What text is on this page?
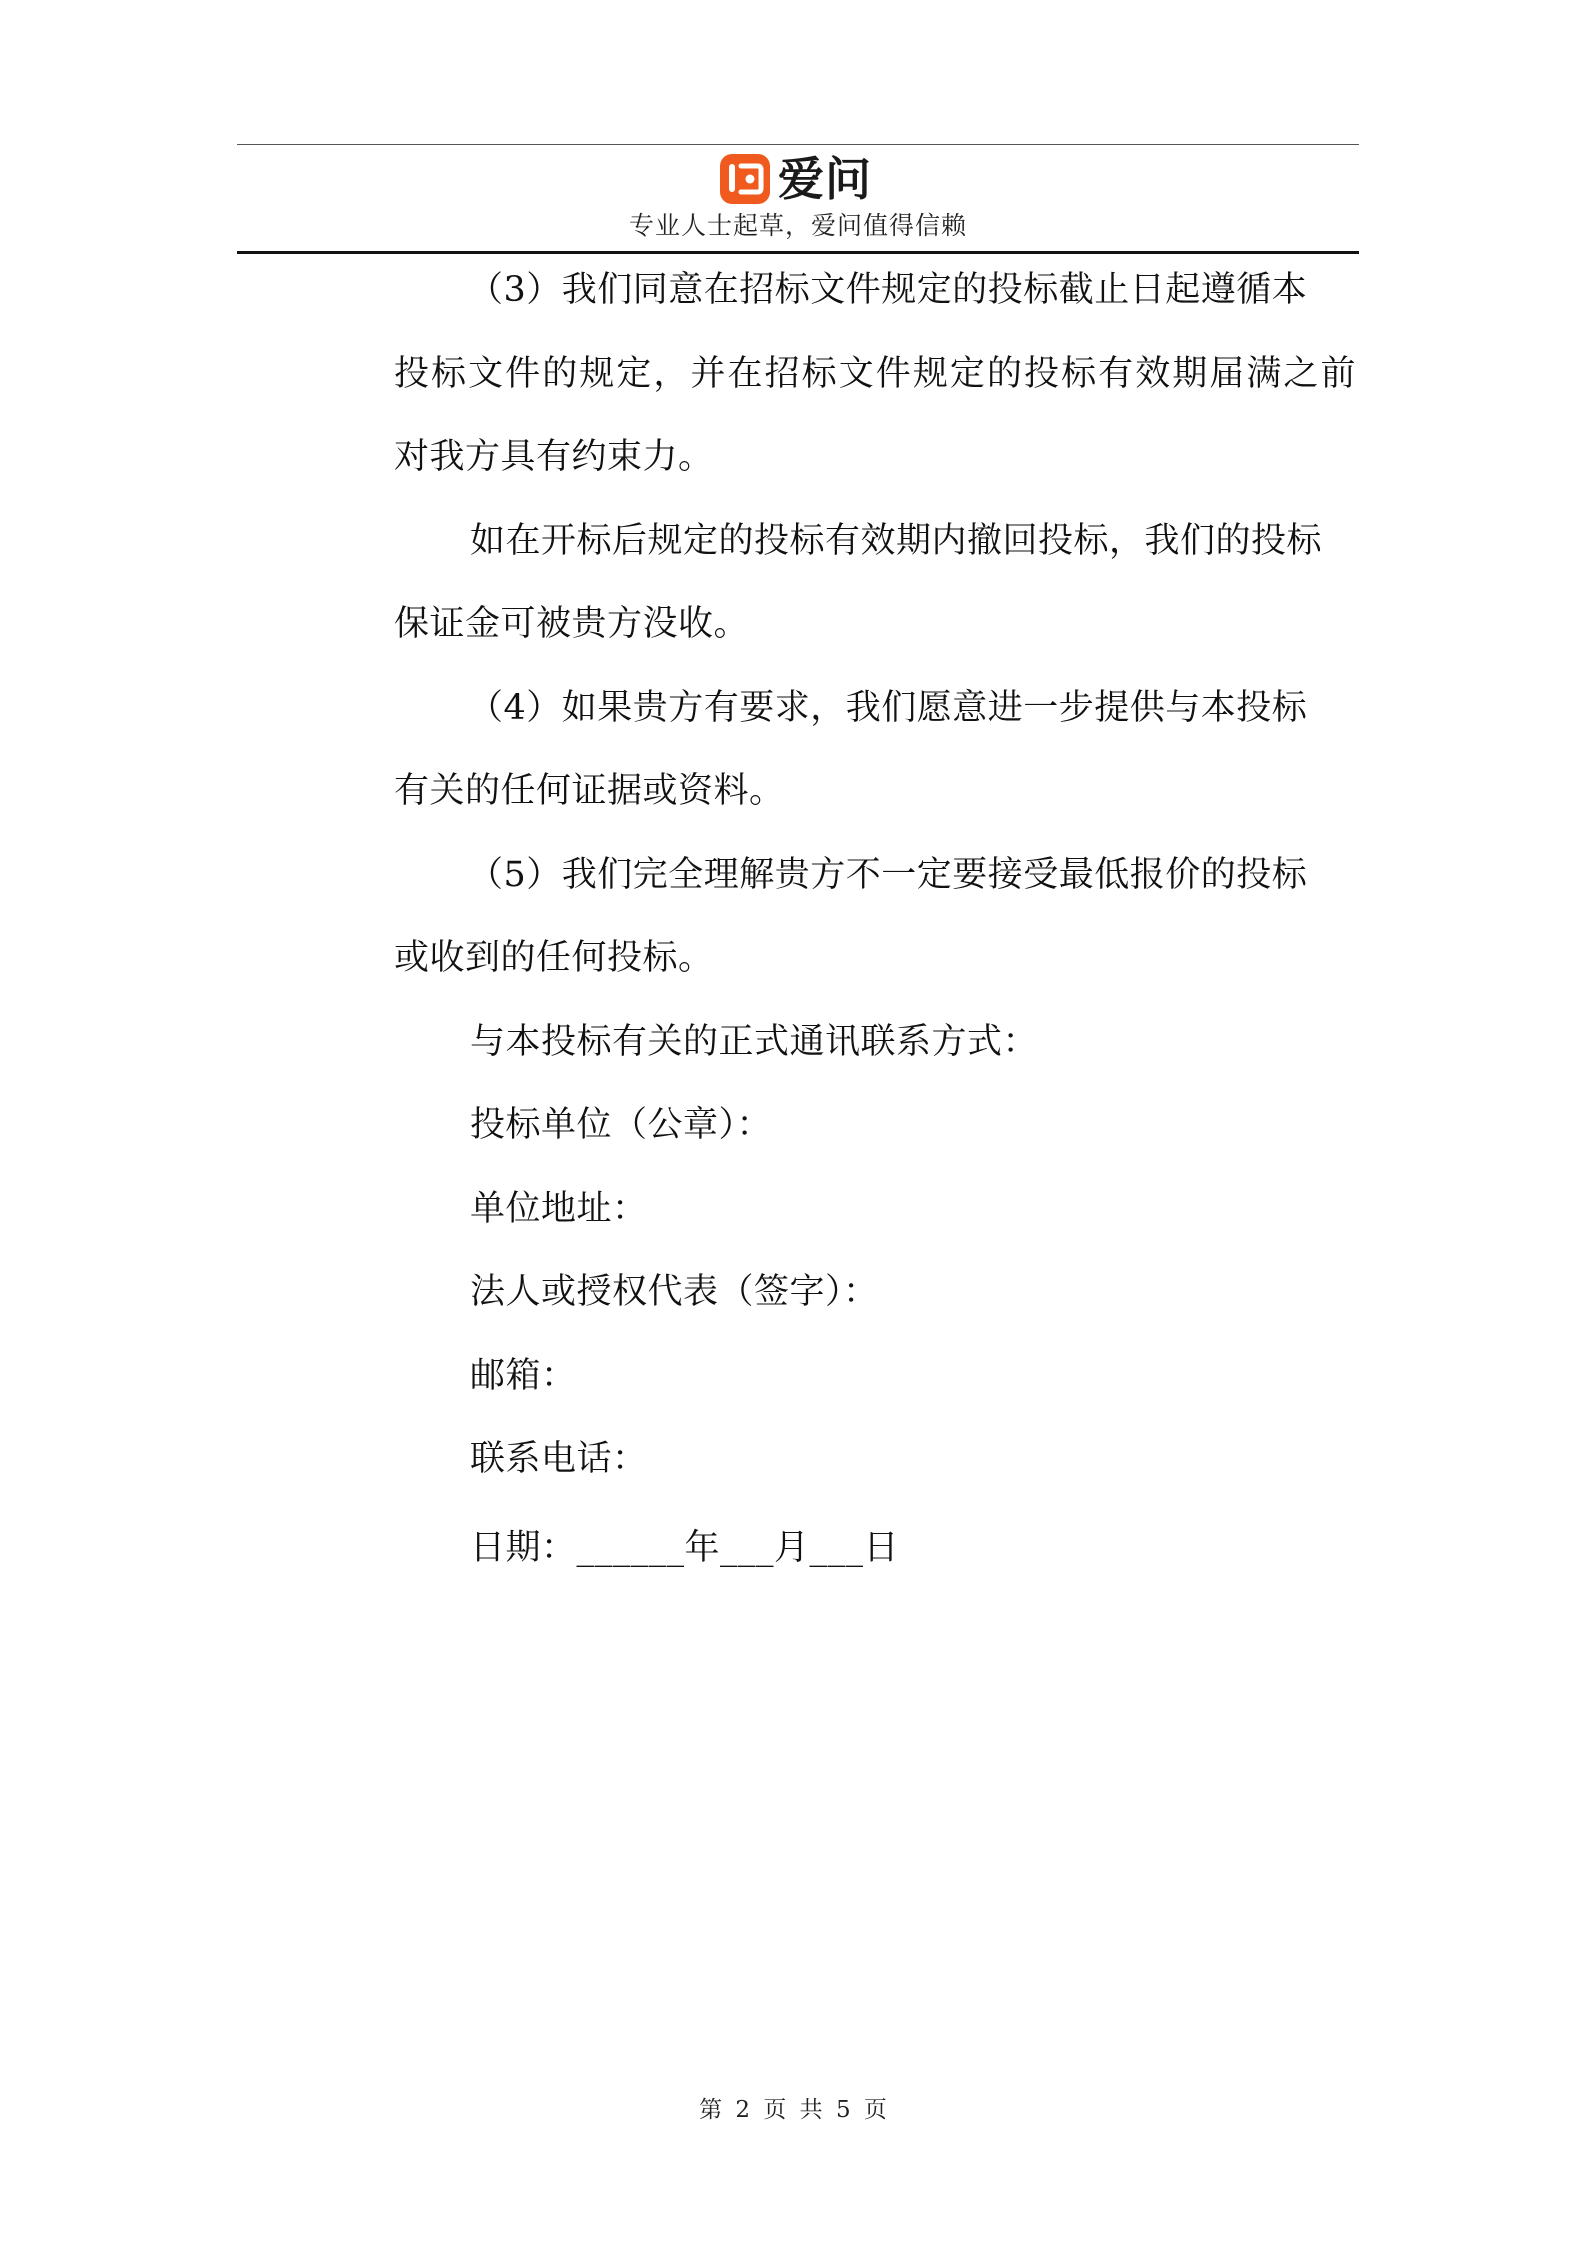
爱问
专业人士起草，爱问值得信赖
（3）我们同意在招标文件规定的投标截止日起遵循本
投标文件的规定，并在招标文件规定的投标有效期届满之前
对我方具有约束力。
如在开标后规定的投标有效期内撤回投标，我们的投标
保证金可被贵方没收。
（4）如果贵方有要求，我们愿意进一步提供与本投标
有关的任何证据或资料。
（5）我们完全理解贵方不一定要接受最低报价的投标
或收到的任何投标。
与本投标有关的正式通讯联系方式：
投标单位（公章）：
单位地址：
法人或授权代表（签字）：
邮箱：
联系电话：
日期：______年___月___日
第 2 页 共 5 页
